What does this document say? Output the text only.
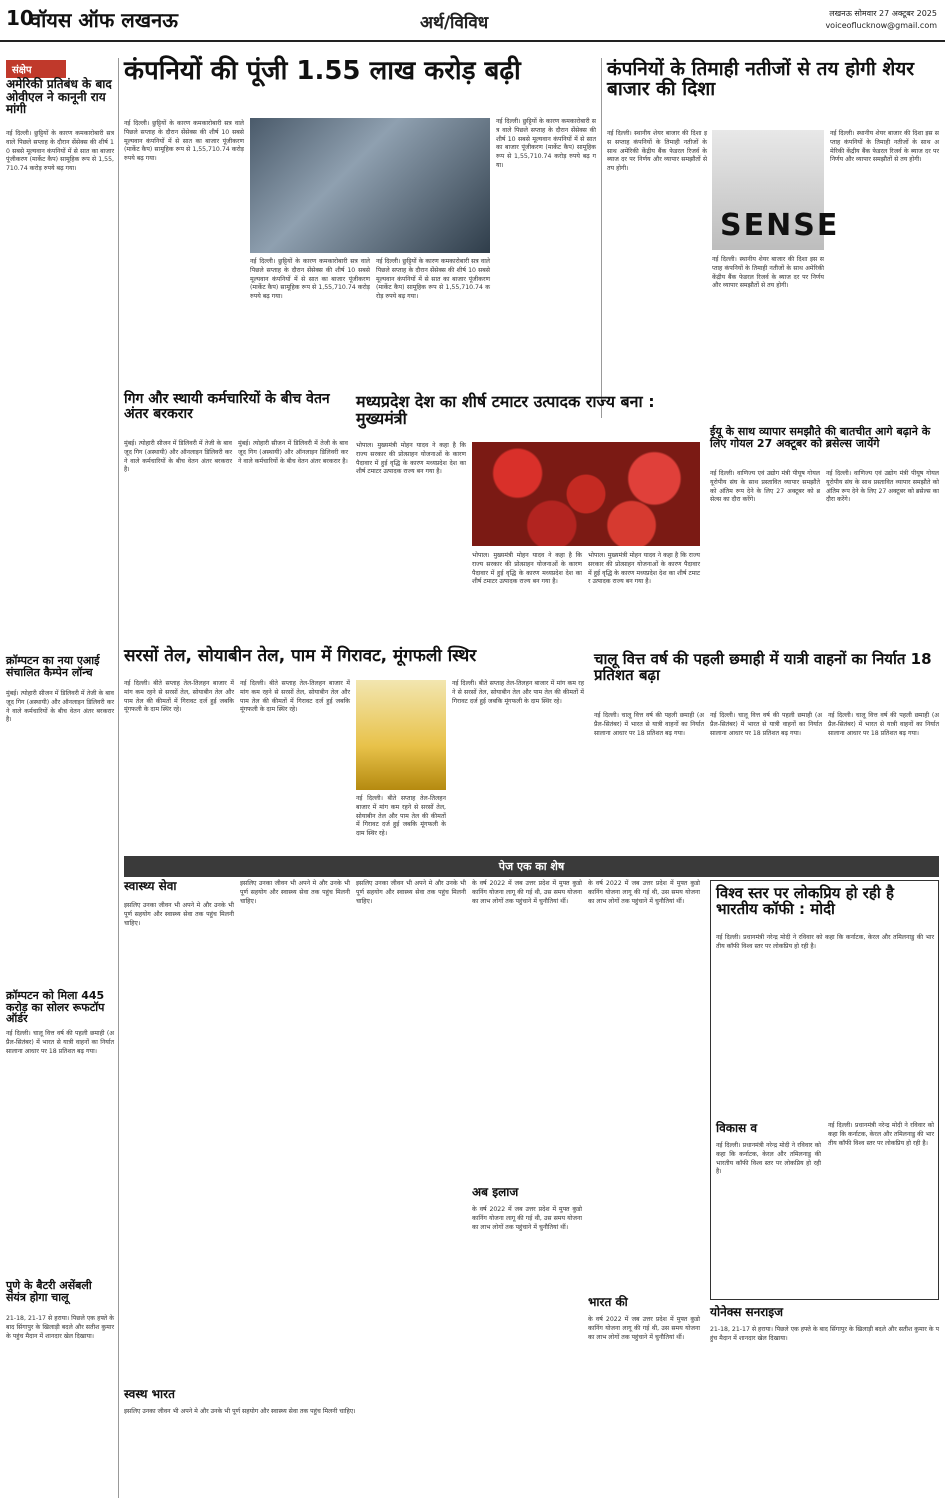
10
वॉयस ऑफ लखनऊ	अर्थ/विविध	लखनऊ सोमवार 27 अक्टूबर 2025
voiceoflucknow@gmail.com
संक्षेप
अमेरिकी प्रतिबंध के बाद ओवीएल ने कानूनी राय मांगी
नई दिल्ली। छुट्टियों के कारण कमकारोबारी सत्र वाले पिछले सप्ताह के दौरान सेंसेक्स की शीर्ष 10 सबसे मूल्यवान कंपनियों में से सात का बाजार पूंजीकरण (मार्केट कैप) सामूहिक रूप से 1,55,710.74 करोड़ रुपये बढ़ गया।
क्रॉम्पटन का नया एआई संचालित कैम्पेन लॉन्च
मुंबई। त्योहारी सीजन में डिलिवरी में तेजी के बावजूद गिग (अस्थायी) और ऑनलाइन डिलिवरी करने वाले कर्मचारियों के बीच वेतन अंतर बरकरार है।
क्रॉम्पटन को मिला 445 करोड़ का सोलर रूफटॉप ऑर्डर
नई दिल्ली। चालू वित्त वर्ष की पहली छमाही (अप्रैल-सितंबर) में भारत से यात्री वाहनों का निर्यात सालाना आधार पर 18 प्रतिशत बढ़ गया।
पुणे के बैटरी असेंबली संयंत्र होगा चालू
21-18, 21-17 से हराया। पिछले एक हफ्ते के बाद सिंगापुर के खिलाड़ी बदले और सतीश कुमार के पहुंच मैदान में शानदार खेल दिखाया।
कंपनियों की पूंजी 1.55 लाख करोड़ बढ़ी
नई दिल्ली। छुट्टियों के कारण कमकारोबारी सत्र वाले पिछले सप्ताह के दौरान सेंसेक्स की शीर्ष 10 सबसे मूल्यवान कंपनियों में से सात का बाजार पूंजीकरण (मार्केट कैप) सामूहिक रूप से 1,55,710.74 करोड़ रुपये बढ़ गया।
नई दिल्ली। छुट्टियों के कारण कमकारोबारी सत्र वाले पिछले सप्ताह के दौरान सेंसेक्स की शीर्ष 10 सबसे मूल्यवान कंपनियों में से सात का बाजार पूंजीकरण (मार्केट कैप) सामूहिक रूप से 1,55,710.74 करोड़ रुपये बढ़ गया।
नई दिल्ली। छुट्टियों के कारण कमकारोबारी सत्र वाले पिछले सप्ताह के दौरान सेंसेक्स की शीर्ष 10 सबसे मूल्यवान कंपनियों में से सात का बाजार पूंजीकरण (मार्केट कैप) सामूहिक रूप से 1,55,710.74 करोड़ रुपये बढ़ गया।
नई दिल्ली। छुट्टियों के कारण कमकारोबारी सत्र वाले पिछले सप्ताह के दौरान सेंसेक्स की शीर्ष 10 सबसे मूल्यवान कंपनियों में से सात का बाजार पूंजीकरण (मार्केट कैप) सामूहिक रूप से 1,55,710.74 करोड़ रुपये बढ़ गया।
कंपनियों के तिमाही नतीजों से तय होगी शेयर बाजार की दिशा
नई दिल्ली। स्थानीय शेयर बाजार की दिशा इस सप्ताह कंपनियों के तिमाही नतीजों के साथ अमेरिकी केंद्रीय बैंक फेडरल रिजर्व के ब्याज दर पर निर्णय और व्यापार समझौतों से तय होगी।
SENSE
नई दिल्ली। स्थानीय शेयर बाजार की दिशा इस सप्ताह कंपनियों के तिमाही नतीजों के साथ अमेरिकी केंद्रीय बैंक फेडरल रिजर्व के ब्याज दर पर निर्णय और व्यापार समझौतों से तय होगी।
नई दिल्ली। स्थानीय शेयर बाजार की दिशा इस सप्ताह कंपनियों के तिमाही नतीजों के साथ अमेरिकी केंद्रीय बैंक फेडरल रिजर्व के ब्याज दर पर निर्णय और व्यापार समझौतों से तय होगी।
गिग और स्थायी कर्मचारियों के बीच वेतन अंतर बरकरार
मुंबई। त्योहारी सीजन में डिलिवरी में तेजी के बावजूद गिग (अस्थायी) और ऑनलाइन डिलिवरी करने वाले कर्मचारियों के बीच वेतन अंतर बरकरार है।
मुंबई। त्योहारी सीजन में डिलिवरी में तेजी के बावजूद गिग (अस्थायी) और ऑनलाइन डिलिवरी करने वाले कर्मचारियों के बीच वेतन अंतर बरकरार है।
मध्यप्रदेश देश का शीर्ष टमाटर उत्पादक राज्य बना : मुख्यमंत्री
भोपाल। मुख्यमंत्री मोहन यादव ने कहा है कि राज्य सरकार की प्रोत्साहन योजनाओं के कारण पैदावार में हुई वृद्धि के कारण मध्यप्रदेश देश का शीर्ष टमाटर उत्पादक राज्य बन गया है।
भोपाल। मुख्यमंत्री मोहन यादव ने कहा है कि राज्य सरकार की प्रोत्साहन योजनाओं के कारण पैदावार में हुई वृद्धि के कारण मध्यप्रदेश देश का शीर्ष टमाटर उत्पादक राज्य बन गया है।
भोपाल। मुख्यमंत्री मोहन यादव ने कहा है कि राज्य सरकार की प्रोत्साहन योजनाओं के कारण पैदावार में हुई वृद्धि के कारण मध्यप्रदेश देश का शीर्ष टमाटर उत्पादक राज्य बन गया है।
ईयू के साथ व्यापार समझौते की बातचीत आगे बढ़ाने के लिए गोयल 27 अक्टूबर को ब्रसेल्स जायेंगे
नई दिल्ली। वाणिज्य एवं उद्योग मंत्री पीयूष गोयल यूरोपीय संघ के साथ प्रस्तावित व्यापार समझौते को अंतिम रूप देने के लिए 27 अक्टूबर को ब्रसेल्स का दौरा करेंगे।
नई दिल्ली। वाणिज्य एवं उद्योग मंत्री पीयूष गोयल यूरोपीय संघ के साथ प्रस्तावित व्यापार समझौते को अंतिम रूप देने के लिए 27 अक्टूबर को ब्रसेल्स का दौरा करेंगे।
सरसों तेल, सोयाबीन तेल, पाम में गिरावट, मूंगफली स्थिर
नई दिल्ली। बीते सप्ताह तेल-तिलहन बाजार में मांग कम रहने से सरसों तेल, सोयाबीन तेल और पाम तेल की कीमतों में गिरावट दर्ज हुई जबकि मूंगफली के दाम स्थिर रहे।
नई दिल्ली। बीते सप्ताह तेल-तिलहन बाजार में मांग कम रहने से सरसों तेल, सोयाबीन तेल और पाम तेल की कीमतों में गिरावट दर्ज हुई जबकि मूंगफली के दाम स्थिर रहे।
नई दिल्ली। बीते सप्ताह तेल-तिलहन बाजार में मांग कम रहने से सरसों तेल, सोयाबीन तेल और पाम तेल की कीमतों में गिरावट दर्ज हुई जबकि मूंगफली के दाम स्थिर रहे।
नई दिल्ली। बीते सप्ताह तेल-तिलहन बाजार में मांग कम रहने से सरसों तेल, सोयाबीन तेल और पाम तेल की कीमतों में गिरावट दर्ज हुई जबकि मूंगफली के दाम स्थिर रहे।
चालू वित्त वर्ष की पहली छमाही में यात्री वाहनों का निर्यात 18 प्रतिशत बढ़ा
नई दिल्ली। चालू वित्त वर्ष की पहली छमाही (अप्रैल-सितंबर) में भारत से यात्री वाहनों का निर्यात सालाना आधार पर 18 प्रतिशत बढ़ गया।
नई दिल्ली। चालू वित्त वर्ष की पहली छमाही (अप्रैल-सितंबर) में भारत से यात्री वाहनों का निर्यात सालाना आधार पर 18 प्रतिशत बढ़ गया।
नई दिल्ली। चालू वित्त वर्ष की पहली छमाही (अप्रैल-सितंबर) में भारत से यात्री वाहनों का निर्यात सालाना आधार पर 18 प्रतिशत बढ़ गया।
पेज एक का शेष
स्वास्थ्य सेवा
इसलिए उनका जीवन भी अपने मे और उनके भी पूर्ण सहयोग और स्वास्थ्य सेवा तक पहुंच मिलनी चाहिए।
इसलिए उनका जीवन भी अपने मे और उनके भी पूर्ण सहयोग और स्वास्थ्य सेवा तक पहुंच मिलनी चाहिए।
इसलिए उनका जीवन भी अपने मे और उनके भी पूर्ण सहयोग और स्वास्थ्य सेवा तक पहुंच मिलनी चाहिए।
के वर्ष 2022 में जब उत्तर प्रदेश में मुफ्त कुडो कानिंग योजना लागू की गई थी, उस समय योजना का लाभ लोगों तक पहुंचाने में चुनौतियां थीं।
अब इलाज
के वर्ष 2022 में जब उत्तर प्रदेश में मुफ्त कुडो कानिंग योजना लागू की गई थी, उस समय योजना का लाभ लोगों तक पहुंचाने में चुनौतियां थीं।
के वर्ष 2022 में जब उत्तर प्रदेश में मुफ्त कुडो कानिंग योजना लागू की गई थी, उस समय योजना का लाभ लोगों तक पहुंचाने में चुनौतियां थीं।
भारत की
के वर्ष 2022 में जब उत्तर प्रदेश में मुफ्त कुडो कानिंग योजना लागू की गई थी, उस समय योजना का लाभ लोगों तक पहुंचाने में चुनौतियां थीं।
स्वस्थ भारत
इसलिए उनका जीवन भी अपने मे और उनके भी पूर्ण सहयोग और स्वास्थ्य सेवा तक पहुंच मिलनी चाहिए।
विश्व स्तर पर लोकप्रिय हो रही है भारतीय कॉफी : मोदी
नई दिल्ली। प्रधानमंत्री नरेन्द्र मोदी ने रविवार को कहा कि कर्नाटक, केरल और तमिलनाडु की भारतीय कॉफी विश्व स्तर पर लोकप्रिय हो रही है।
विकास व
नई दिल्ली। प्रधानमंत्री नरेन्द्र मोदी ने रविवार को कहा कि कर्नाटक, केरल और तमिलनाडु की भारतीय कॉफी विश्व स्तर पर लोकप्रिय हो रही है।
नई दिल्ली। प्रधानमंत्री नरेन्द्र मोदी ने रविवार को कहा कि कर्नाटक, केरल और तमिलनाडु की भारतीय कॉफी विश्व स्तर पर लोकप्रिय हो रही है।
योनेक्स सनराइज
21-18, 21-17 से हराया। पिछले एक हफ्ते के बाद सिंगापुर के खिलाड़ी बदले और सतीश कुमार के पहुंच मैदान में शानदार खेल दिखाया।
